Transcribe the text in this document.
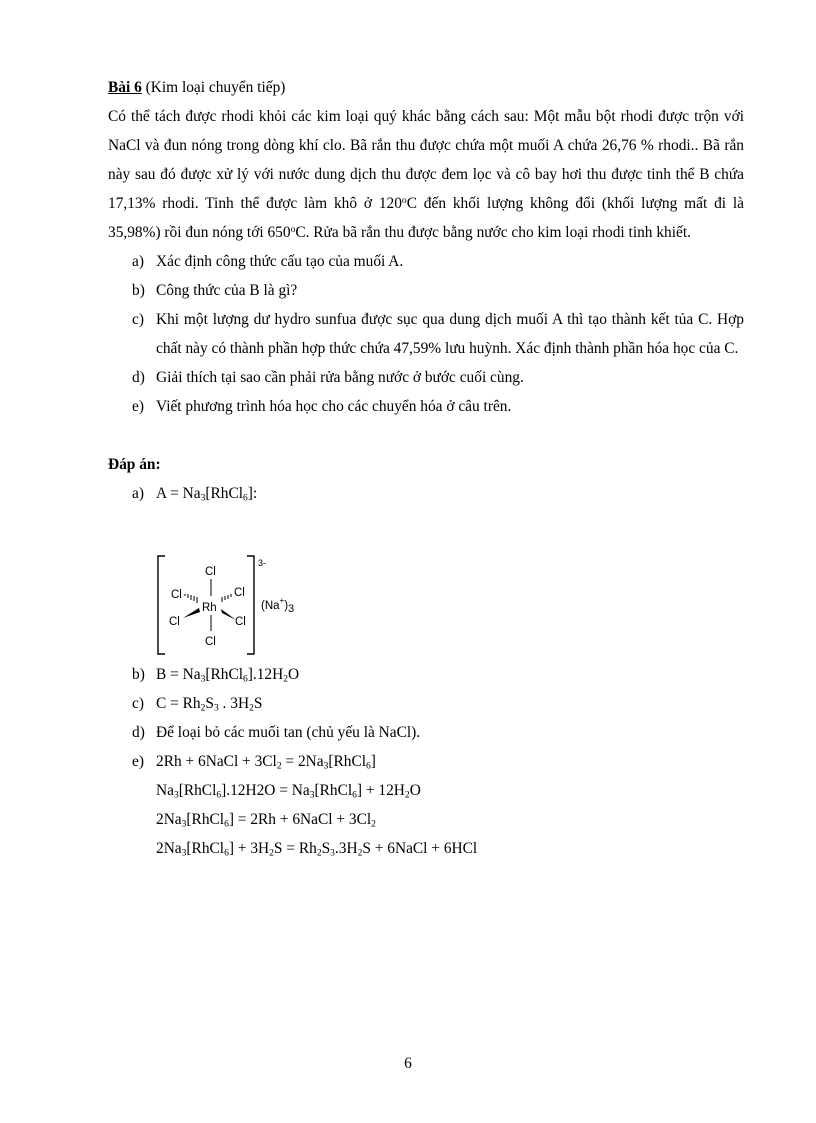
Bài 6 (Kim loại chuyển tiếp)
Có thể tách được rhodi khỏi các kim loại quý khác bằng cách sau: Một mẫu bột rhodi được trộn với NaCl và đun nóng trong dòng khí clo. Bã rắn thu được chứa một muối A chứa 26,76 % rhodi.. Bã rắn này sau đó được xử lý với nước dung dịch thu được đem lọc và cô bay hơi thu được tinh thể B chứa 17,13% rhodi. Tinh thể được làm khô ở 120$^o$C đến khối lượng không đổi (khối lượng mất đi là 35,98%) rồi đun nóng tới 650$^o$C. Rửa bã rắn thu được bằng nước cho kim loại rhodi tinh khiết.
a) Xác định công thức cấu tạo của muối A.
b) Công thức của B là gì?
c) Khi một lượng dư hydro sunfua được sục qua dung dịch muối A thì tạo thành kết tủa C. Hợp chất này có thành phần hợp thức chứa 47,59% lưu huỳnh. Xác định thành phần hóa học của C.
d) Giải thích tại sao cần phải rửa bằng nước ở bước cuối cùng.
e) Viết phương trình hóa học cho các chuyển hóa ở câu trên.
Đáp án:
a) $A = Na_3[RhCl_6]$:
Cl
Cl	Cl
Rh
Cl	Cl
Cl
3-
(Na+)3
b) $B = Na_3[RhCl_6].12H_2O$
c) $C = Rh_2S_3$ . $3H_2S$
d) Để loại bỏ các muối tan (chủ yếu là NaCl).
e) 2Rh + 6NaCl + $3Cl_2$ = $2Na_3[RhCl_6]$
$Na_3[RhCl_6].12H2O$ = $Na_3[RhCl_6] + 12H_2O$
$2Na_3[RhCl_6] = 2Rh$ + 6NaCl + $3Cl_2$
$2Na_3[RhCl_6] + 3H_2S = Rh_2S_3.3H_2S$ + 6NaCl + 6HCl
6
